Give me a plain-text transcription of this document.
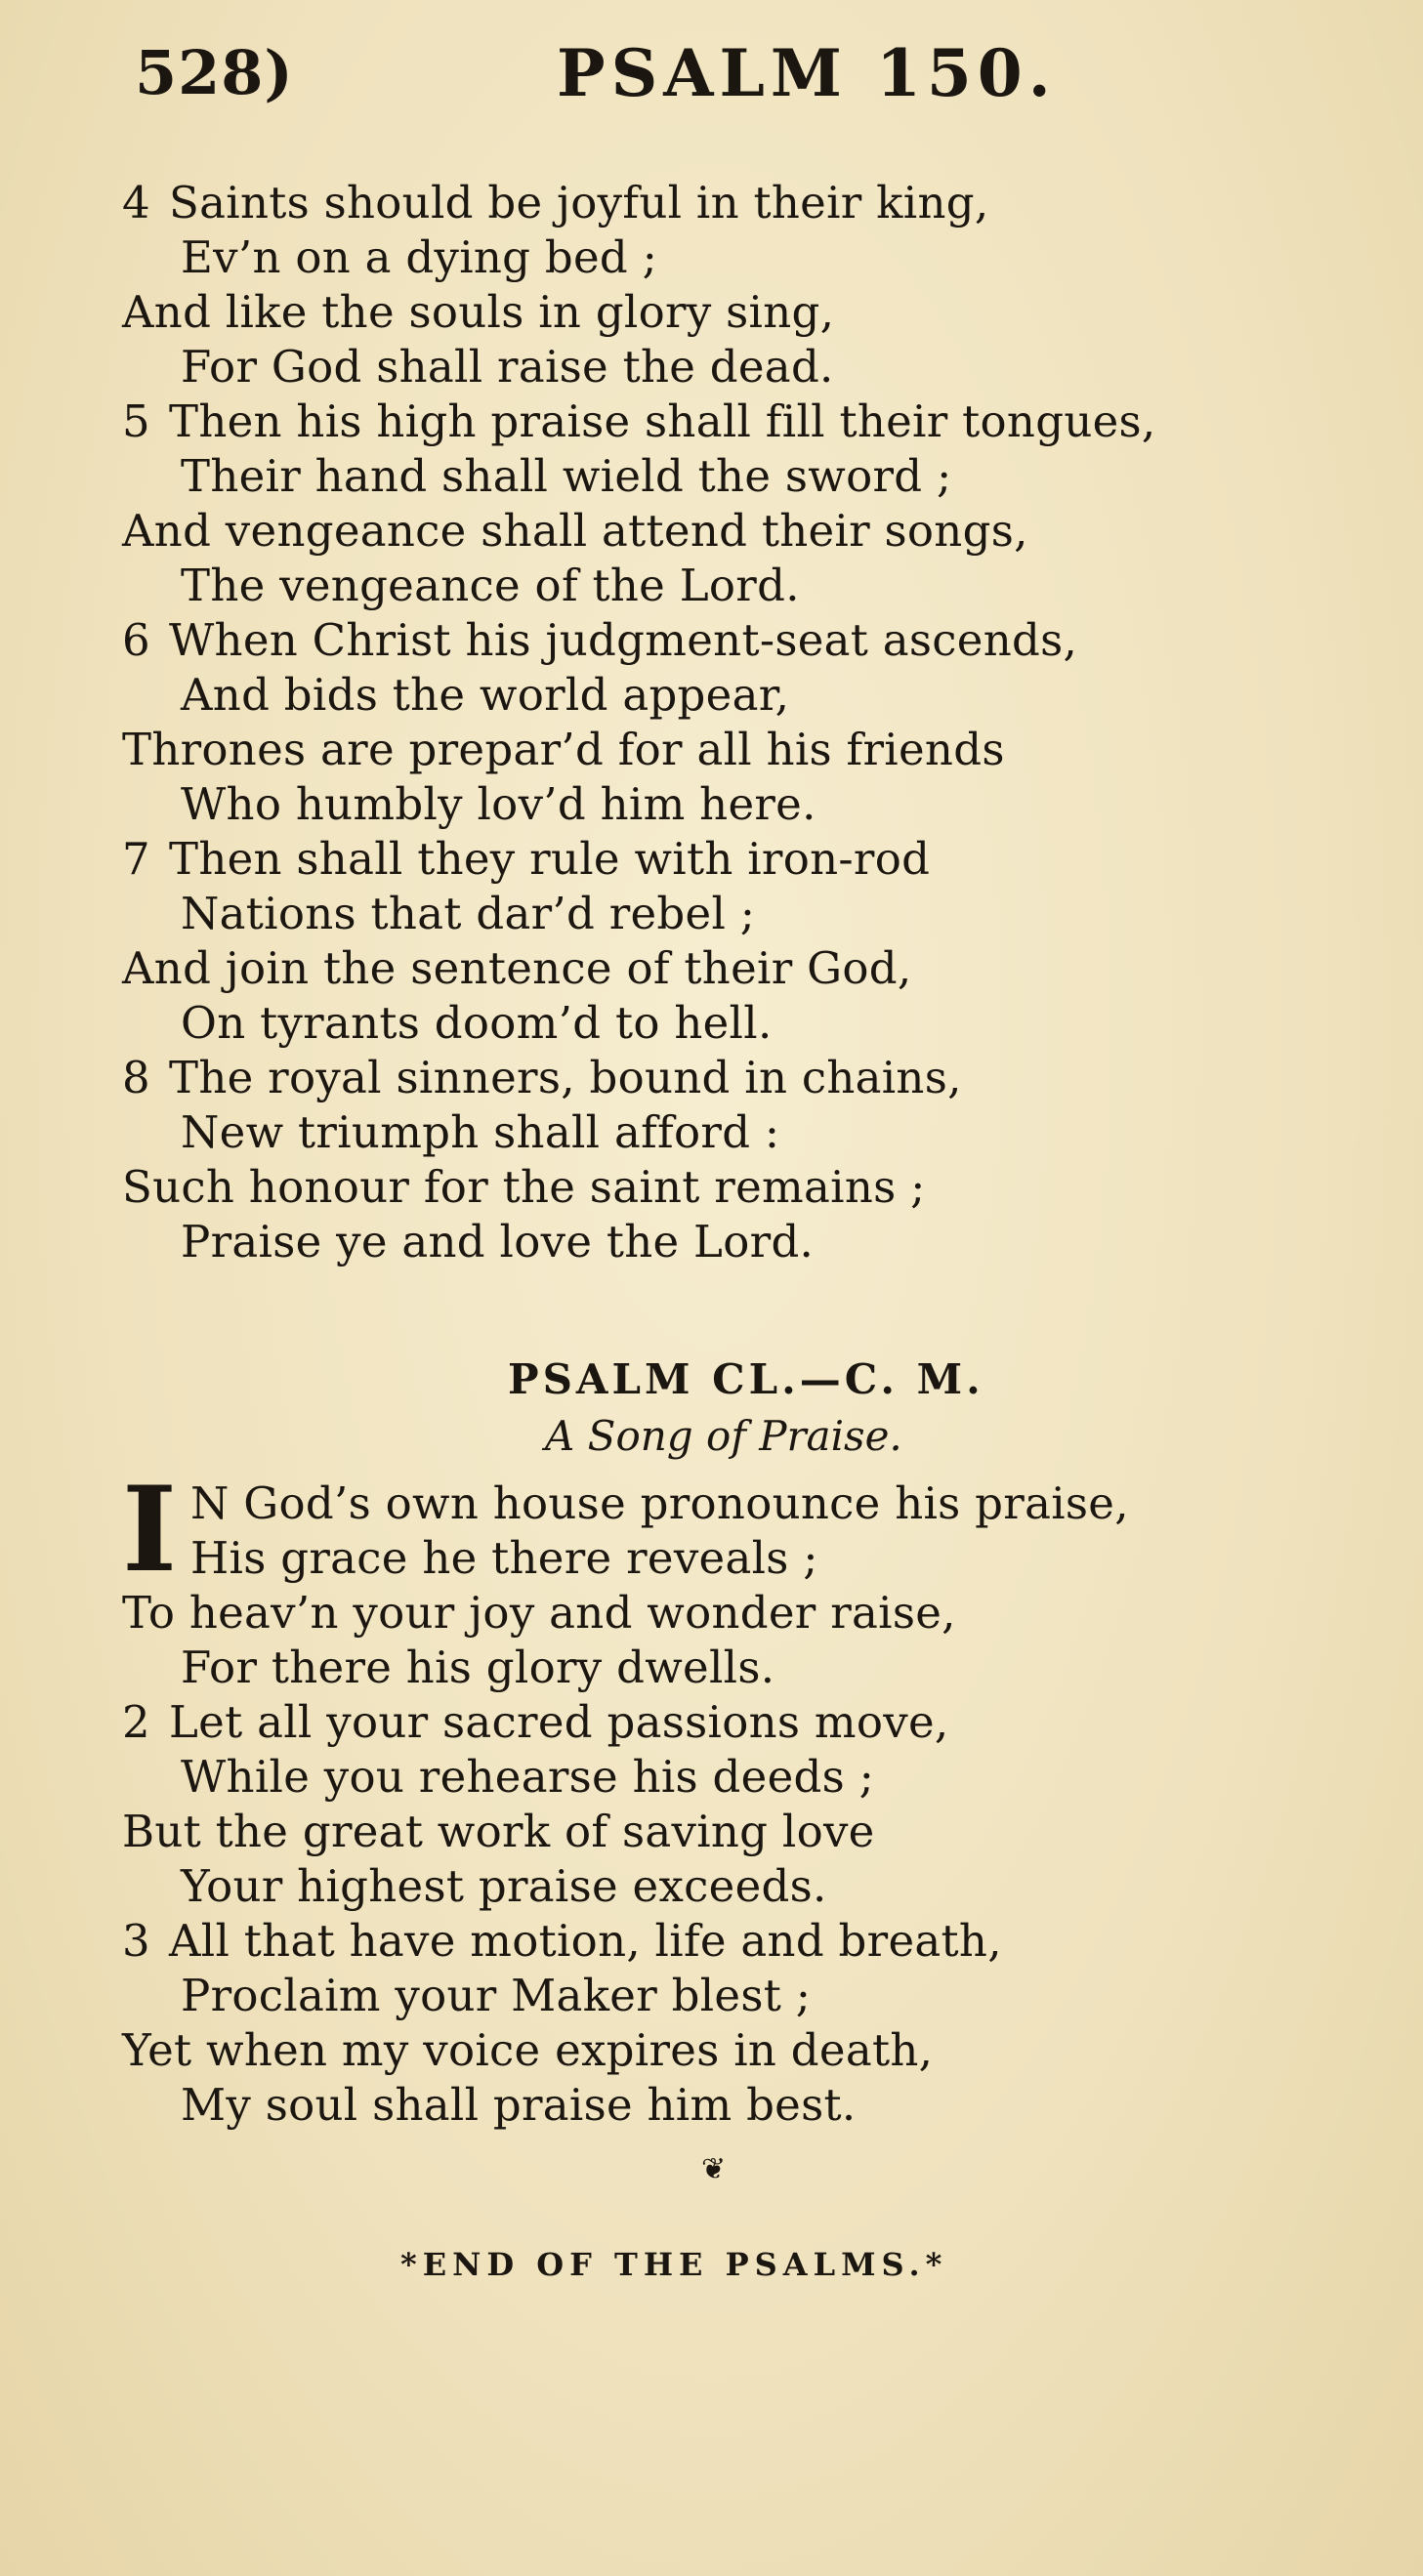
528)	PSALM 150.
4 Saints should be joyful in their king,
Ev’n on a dying bed ;
And like the souls in glory sing,
For God shall raise the dead.
5 Then his high praise shall fill their tongues,
Their hand shall wield the sword ;
And vengeance shall attend their songs,
The vengeance of the Lord.
6 When Christ his judgment-seat ascends,
And bids the world appear,
Thrones are prepar’d for all his friends
Who humbly lov’d him here.
7 Then shall they rule with iron-rod
Nations that dar’d rebel ;
And join the sentence of their God,
On tyrants doom’d to hell.
8 The royal sinners, bound in chains,
New triumph shall afford :
Such honour for the saint remains ;
Praise ye and love the Lord.
PSALM CL.—C. M.
A Song of Praise.
I N God’s own house pronounce his praise,
His grace he there reveals ;
To heav’n your joy and wonder raise,
For there his glory dwells.
2 Let all your sacred passions move,
While you rehearse his deeds ;
But the great work of saving love
Your highest praise exceeds.
3 All that have motion, life and breath,
Proclaim your Maker blest ;
Yet when my voice expires in death,
My soul shall praise him best.
❦
*END OF THE PSALMS.*
